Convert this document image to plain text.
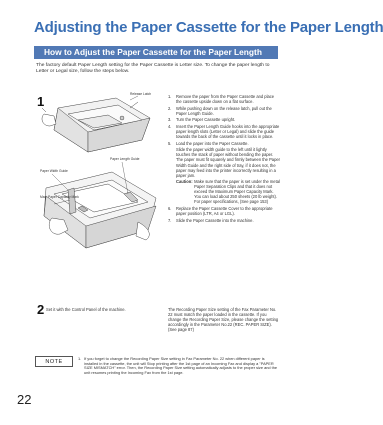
Adjusting the Paper Cassette for the Paper Length
How to Adjust the Paper Cassette for the Paper Length
The factory default Paper Length setting for the Paper Cassette is Letter size. To change the paper length to Letter or Legal size, follow the steps below.
1	Release Latch
Paper Width Guide
Paper Length Guide
Max. Paper Capacity Mark
1.	Remove the paper from the Paper Cassette and place the cassette upside down on a flat surface.
2.	While pushing down on the release latch, pull out the Paper Length Guide.
3.	Turn the Paper Cassette upright.
4.	Insert the Paper Length Guide hooks into the appropriate paper length slots (Letter or Legal) and slide the guide towards the back of the cassette until it locks in place.
5.	Load the paper into the Paper Cassette.
Slide the paper width guide to the left until it lightly touches the stack of paper without bending the paper. The paper must fit squarely and firmly between the Paper Width Guide and the right side of tray, if it does not, the paper may feed into the printer incorrectly resulting in a paper jam.
Caution: Make sure that the paper is set under the metal Paper Separation Clips and that it does not exceed the Maximum Paper Capacity Mark. You can load about 250 sheets (20 lb weight). For paper specifications, (See page 153)
6.	Replace the Paper Cassette Cover to the appropriate paper position (LTR, A4 or LGL).
7.	Slide the Paper Cassette into the machine.
2 Set it with the Control Panel of the machine.	The Recording Paper Size setting of the Fax Parameter No. 22 must match the paper loaded in the cassette. If you change the Recording Paper Size, please change the setting accordingly in the Parameter No.22 (REC. PAPER SIZE). (See page 87)
NOTE
1. If you forget to change the Recording Paper Size setting in Fax Parameter No. 22 when different paper is installed in the cassette, the unit will Stop printing after the 1st page of an Incoming Fax and display a "PAPER SIZE MISMATCH" error. Then, the Recording Paper Size setting automatically adjusts to the proper size and the unit resumes printing the Incoming Fax from the 1st page.
22
